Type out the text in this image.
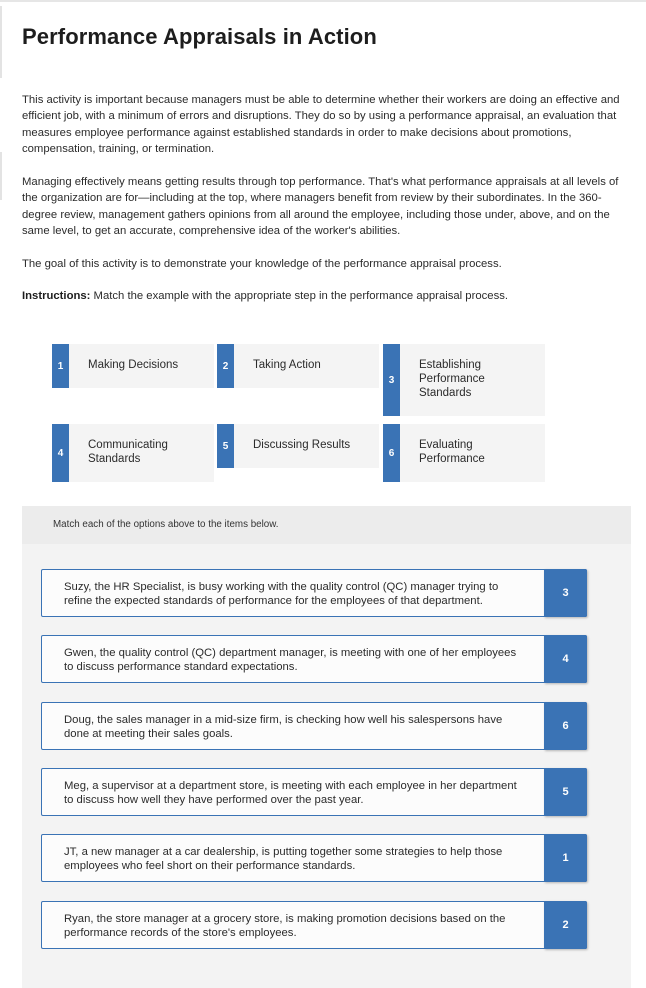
Performance Appraisals in Action

This activity is important because managers must be able to determine whether their workers are doing an effective and efficient job, with a minimum of errors and disruptions. They do so by using a performance appraisal, an evaluation that measures employee performance against established standards in order to make decisions about promotions, compensation, training, or termination.

Managing effectively means getting results through top performance. That's what performance appraisals at all levels of the organization are for—including at the top, where managers benefit from review by their subordinates. In the 360-degree review, management gathers opinions from all around the employee, including those under, above, and on the same level, to get an accurate, comprehensive idea of the worker's abilities.

The goal of this activity is to demonstrate your knowledge of the performance appraisal process.

Instructions: Match the example with the appropriate step in the performance appraisal process.

1	Making Decisions	2	Taking Action
3
Establishing Performance Standards
4
Communicating Standards
5	Discussing Results
6
Evaluating Performance
Match each of the options above to the items below.
Suzy, the HR Specialist, is busy working with the quality control (QC) manager trying to refine the expected standards of performance for the employees of that department.
3
Gwen, the quality control (QC) department manager, is meeting with one of her employees to discuss performance standard expectations.
4
Doug, the sales manager in a mid-size firm, is checking how well his salespersons have done at meeting their sales goals.
6
Meg, a supervisor at a department store, is meeting with each employee in her department to discuss how well they have performed over the past year.
5
JT, a new manager at a car dealership, is putting together some strategies to help those employees who feel short on their performance standards.
1
Ryan, the store manager at a grocery store, is making promotion decisions based on the performance records of the store's employees.
2
